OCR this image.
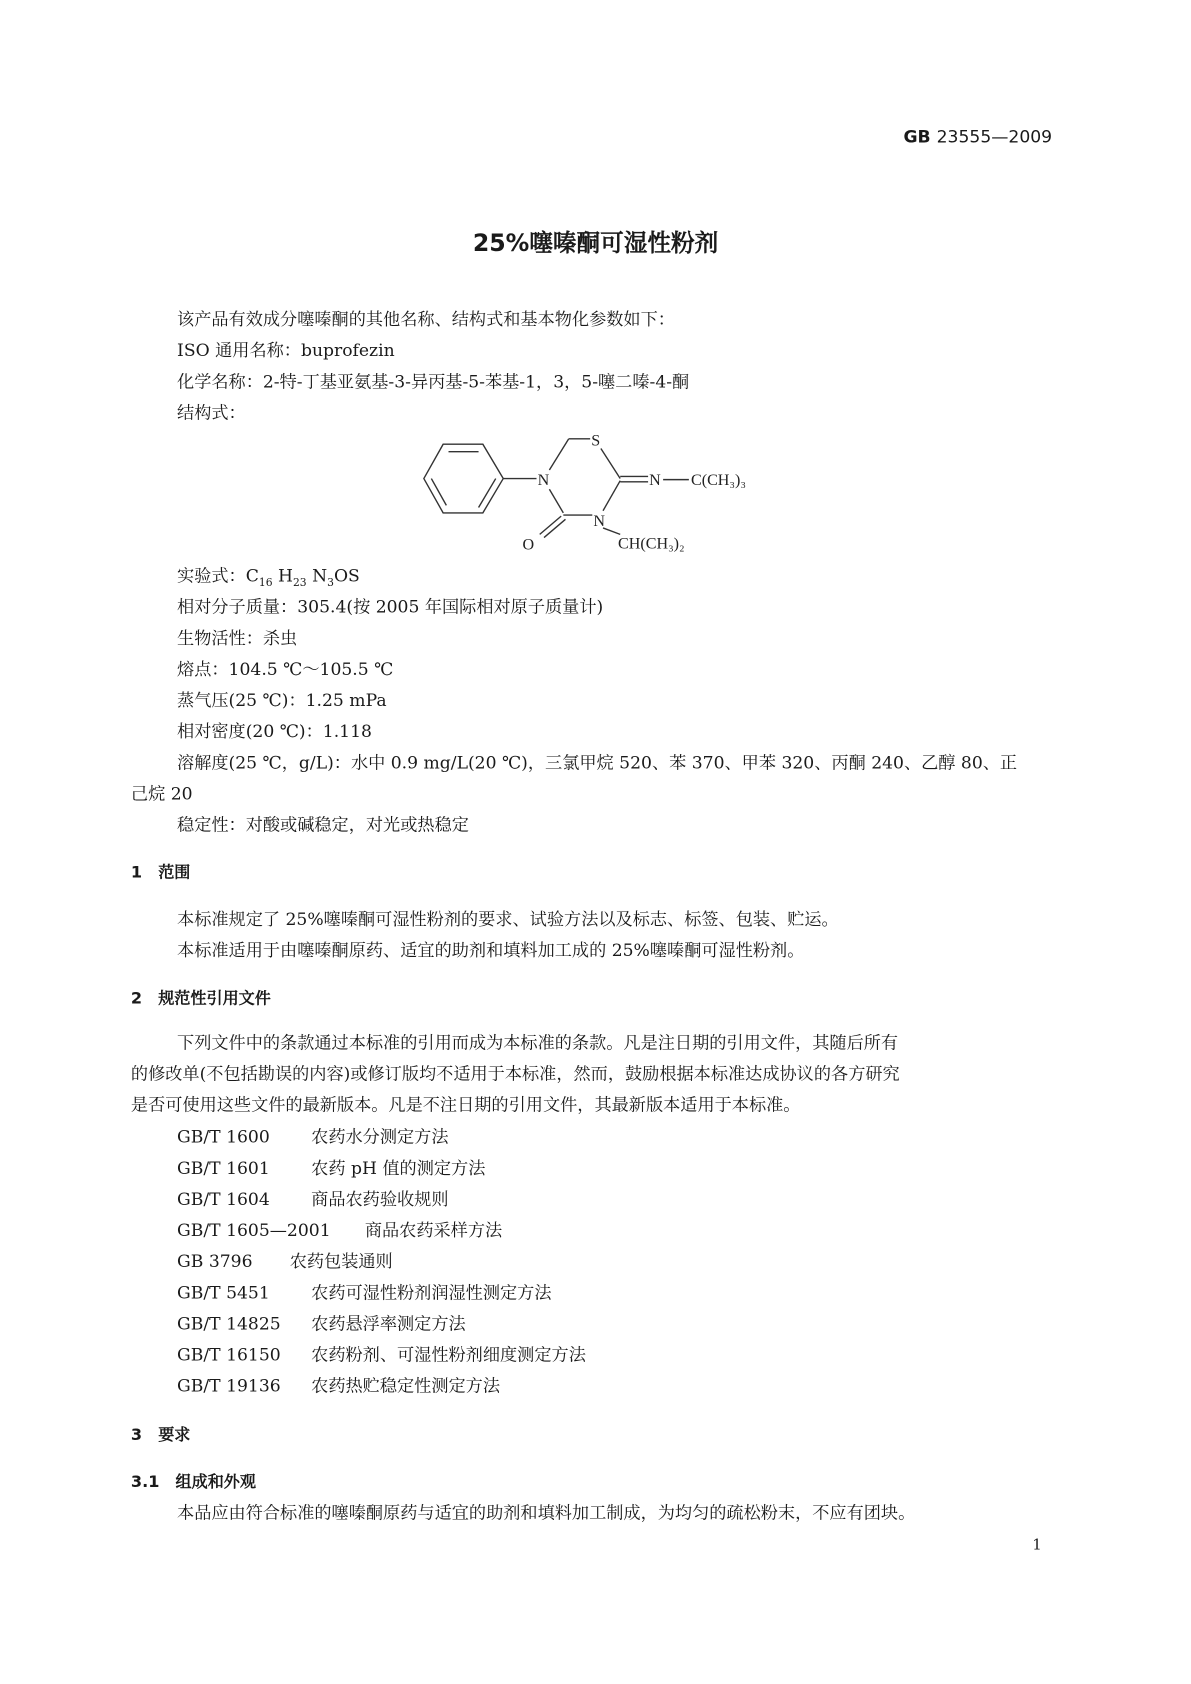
GB 23555—2009
25%噻嗪酮可湿性粉剂
该产品有效成分噻嗪酮的其他名称、结构式和基本物化参数如下：
ISO 通用名称：buprofezin
化学名称：2-特-丁基亚氨基-3-异丙基-5-苯基-1，3，5-噻二嗪-4-酮
结构式：
N
S
N C(CH₃)₃
N
O	CH(CH₃)₂
实验式：$C_{16}$ $H_{23}$ $N_3OS$
相对分子质量：305.4(按 2005 年国际相对原子质量计)
生物活性：杀虫
熔点：104.5 ℃～105.5 ℃
蒸气压(25 ℃)：1.25 mPa
相对密度(20 ℃)：1.118
溶解度(25 ℃，g/L)：水中 0.9 mg/L(20 ℃)，三氯甲烷 520、苯 370、甲苯 320、丙酮 240、乙醇 80、正
己烷 20
稳定性：对酸或碱稳定，对光或热稳定
1　范围
本标准规定了 25%噻嗪酮可湿性粉剂的要求、试验方法以及标志、标签、包装、贮运。
本标准适用于由噻嗪酮原药、适宜的助剂和填料加工成的 25%噻嗪酮可湿性粉剂。
2　规范性引用文件
下列文件中的条款通过本标准的引用而成为本标准的条款。凡是注日期的引用文件，其随后所有
的修改单(不包括勘误的内容)或修订版均不适用于本标准，然而，鼓励根据本标准达成协议的各方研究
是否可使用这些文件的最新版本。凡是不注日期的引用文件，其最新版本适用于本标准。
GB/T 1600	农药水分测定方法
GB/T 1601	农药 pH 值的测定方法
GB/T 1604	商品农药验收规则
GB/T 1605—2001 商品农药采样方法
GB 3796 农药包装通则
GB/T 5451	农药可湿性粉剂润湿性测定方法
GB/T 14825 农药悬浮率测定方法
GB/T 16150 农药粉剂、可湿性粉剂细度测定方法
GB/T 19136 农药热贮稳定性测定方法
3　要求
3.1　组成和外观
本品应由符合标准的噻嗪酮原药与适宜的助剂和填料加工制成，为均匀的疏松粉末，不应有团块。
1
